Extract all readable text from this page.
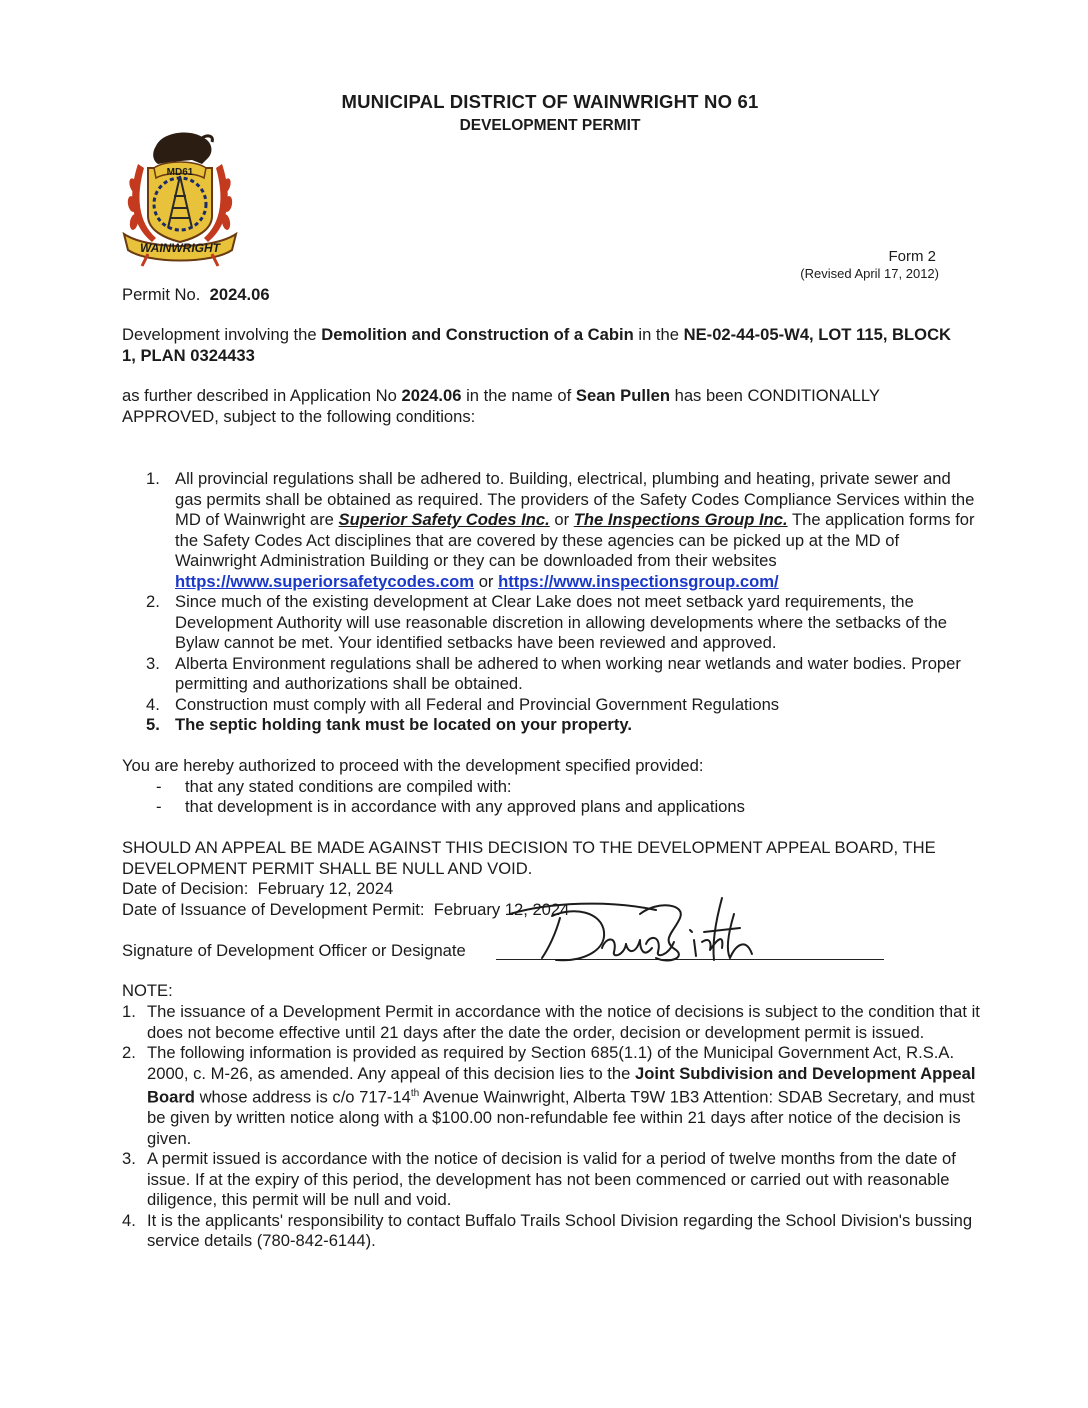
MUNICIPAL DISTRICT OF WAINWRIGHT NO 61
DEVELOPMENT PERMIT
MD61
WAINWRIGHT	Form 2
(Revised April 17, 2012)
Permit No. 2024.06
Development involving the Demolition and Construction of a Cabin in the NE-02-44-05-W4, LOT 115, BLOCK 1, PLAN 0324433
as further described in Application No 2024.06 in the name of Sean Pullen has been CONDITIONALLY APPROVED, subject to the following conditions:
1. All provincial regulations shall be adhered to. Building, electrical, plumbing and heating, private sewer and gas permits shall be obtained as required. The providers of the Safety Codes Compliance Services within the MD of Wainwright are Superior Safety Codes Inc. or The Inspections Group Inc. The application forms for the Safety Codes Act disciplines that are covered by these agencies can be picked up at the MD of Wainwright Administration Building or they can be downloaded from their websites https://www.superiorsafetycodes.com or https://www.inspectionsgroup.com/
2. Since much of the existing development at Clear Lake does not meet setback yard requirements, the Development Authority will use reasonable discretion in allowing developments where the setbacks of the Bylaw cannot be met. Your identified setbacks have been reviewed and approved.
3. Alberta Environment regulations shall be adhered to when working near wetlands and water bodies. Proper permitting and authorizations shall be obtained.
4. Construction must comply with all Federal and Provincial Government Regulations
5. The septic holding tank must be located on your property.
You are hereby authorized to proceed with the development specified provided:
- that any stated conditions are compiled with:
- that development is in accordance with any approved plans and applications
SHOULD AN APPEAL BE MADE AGAINST THIS DECISION TO THE DEVELOPMENT APPEAL BOARD, THE DEVELOPMENT PERMIT SHALL BE NULL AND VOID.
Date of Decision: February 12, 2024
Date of Issuance of Development Permit: February 12, 2024
Signature of Development Officer or Designate
NOTE:
1. The issuance of a Development Permit in accordance with the notice of decisions is subject to the condition that it does not become effective until 21 days after the date the order, decision or development permit is issued.
2. The following information is provided as required by Section 685(1.1) of the Municipal Government Act, R.S.A. 2000, c. M-26, as amended. Any appeal of this decision lies to the Joint Subdivision and Development Appeal Board whose address is c/o 717-14th Avenue Wainwright, Alberta T9W 1B3 Attention: SDAB Secretary, and must be given by written notice along with a $100.00 non-refundable fee within 21 days after notice of the decision is given.
3. A permit issued is accordance with the notice of decision is valid for a period of twelve months from the date of issue. If at the expiry of this period, the development has not been commenced or carried out with reasonable diligence, this permit will be null and void.
4. It is the applicants' responsibility to contact Buffalo Trails School Division regarding the School Division's bussing service details (780-842-6144).
